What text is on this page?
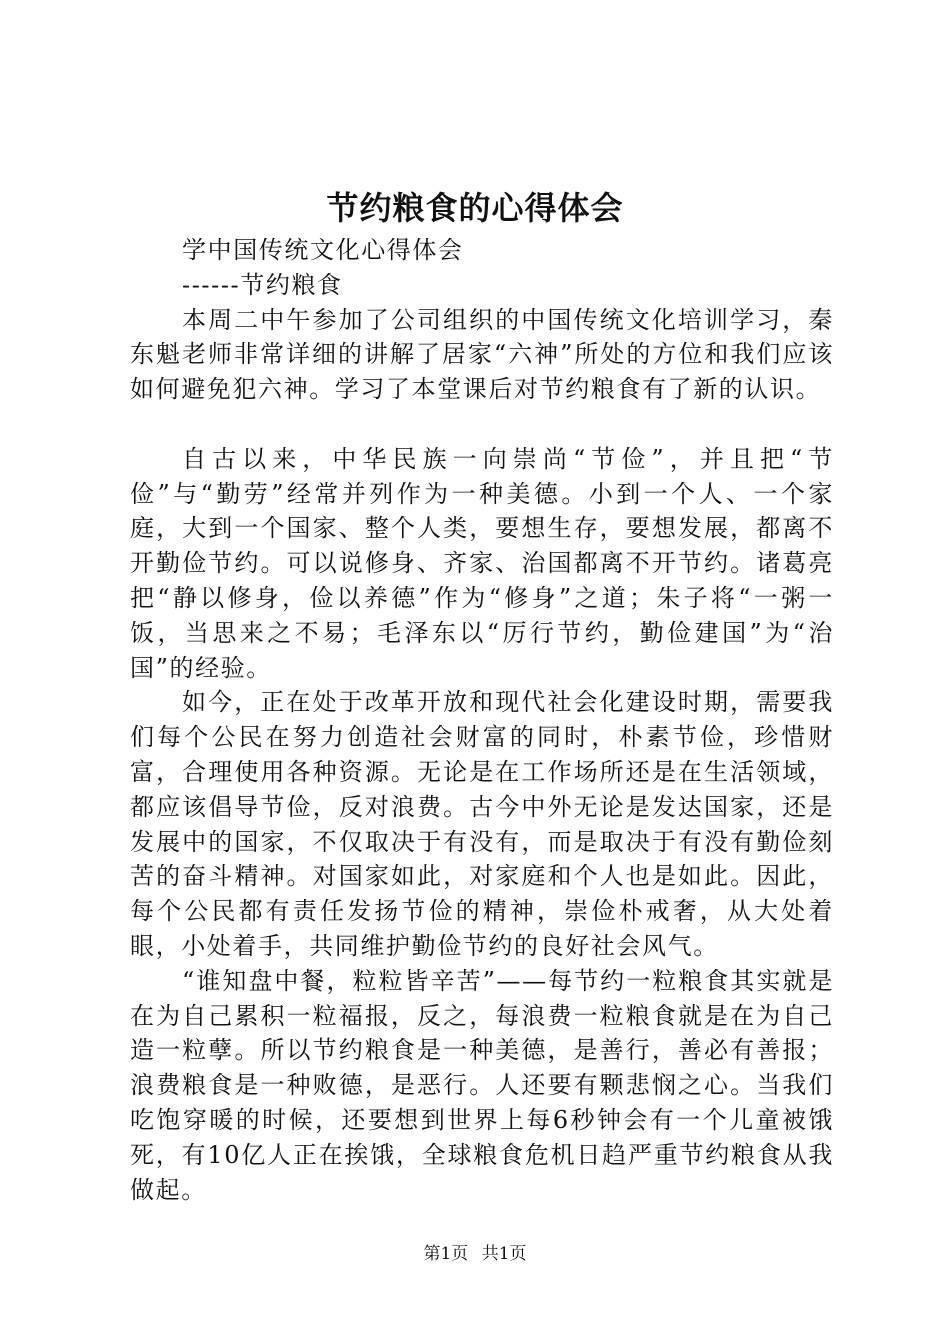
节约粮食的心得体会

学中国传统文化心得体会

------节约粮食

本周二中午参加了公司组织的中国传统文化培训学习，秦东魁老师非常详细的讲解了居家“六神”所处的方位和我们应该如何避免犯六神。学习了本堂课后对节约粮食有了新的认识。

自古以来，中华民族一向崇尚“节俭”，并且把“节俭”与“勤劳”经常并列作为一种美德。小到一个人、一个家庭，大到一个国家、整个人类，要想生存，要想发展，都离不开勤俭节约。可以说修身、齐家、治国都离不开节约。诸葛亮把“静以修身，俭以养德”作为“修身”之道；朱子将“一粥一饭，当思来之不易；毛泽东以“厉行节约，勤俭建国”为“治国”的经验。

如今，正在处于改革开放和现代社会化建设时期，需要我们每个公民在努力创造社会财富的同时，朴素节俭，珍惜财富，合理使用各种资源。无论是在工作场所还是在生活领域，都应该倡导节俭，反对浪费。古今中外无论是发达国家，还是发展中的国家，不仅取决于有没有，而是取决于有没有勤俭刻苦的奋斗精神。对国家如此，对家庭和个人也是如此。因此，每个公民都有责任发扬节俭的精神，崇俭朴戒奢，从大处着眼，小处着手，共同维护勤俭节约的良好社会风气。

“谁知盘中餐，粒粒皆辛苦”——每节约一粒粮食其实就是在为自己累积一粒福报，反之，每浪费一粒粮食就是在为自己造一粒孽。所以节约粮食是一种美德，是善行，善必有善报；浪费粮食是一种败德，是恶行。人还要有颗悲悯之心。当我们吃饱穿暖的时候，还要想到世界上每6秒钟会有一个儿童被饿死，有10亿人正在挨饿，全球粮食危机日趋严重节约粮食从我做起。

第1页 共1页
